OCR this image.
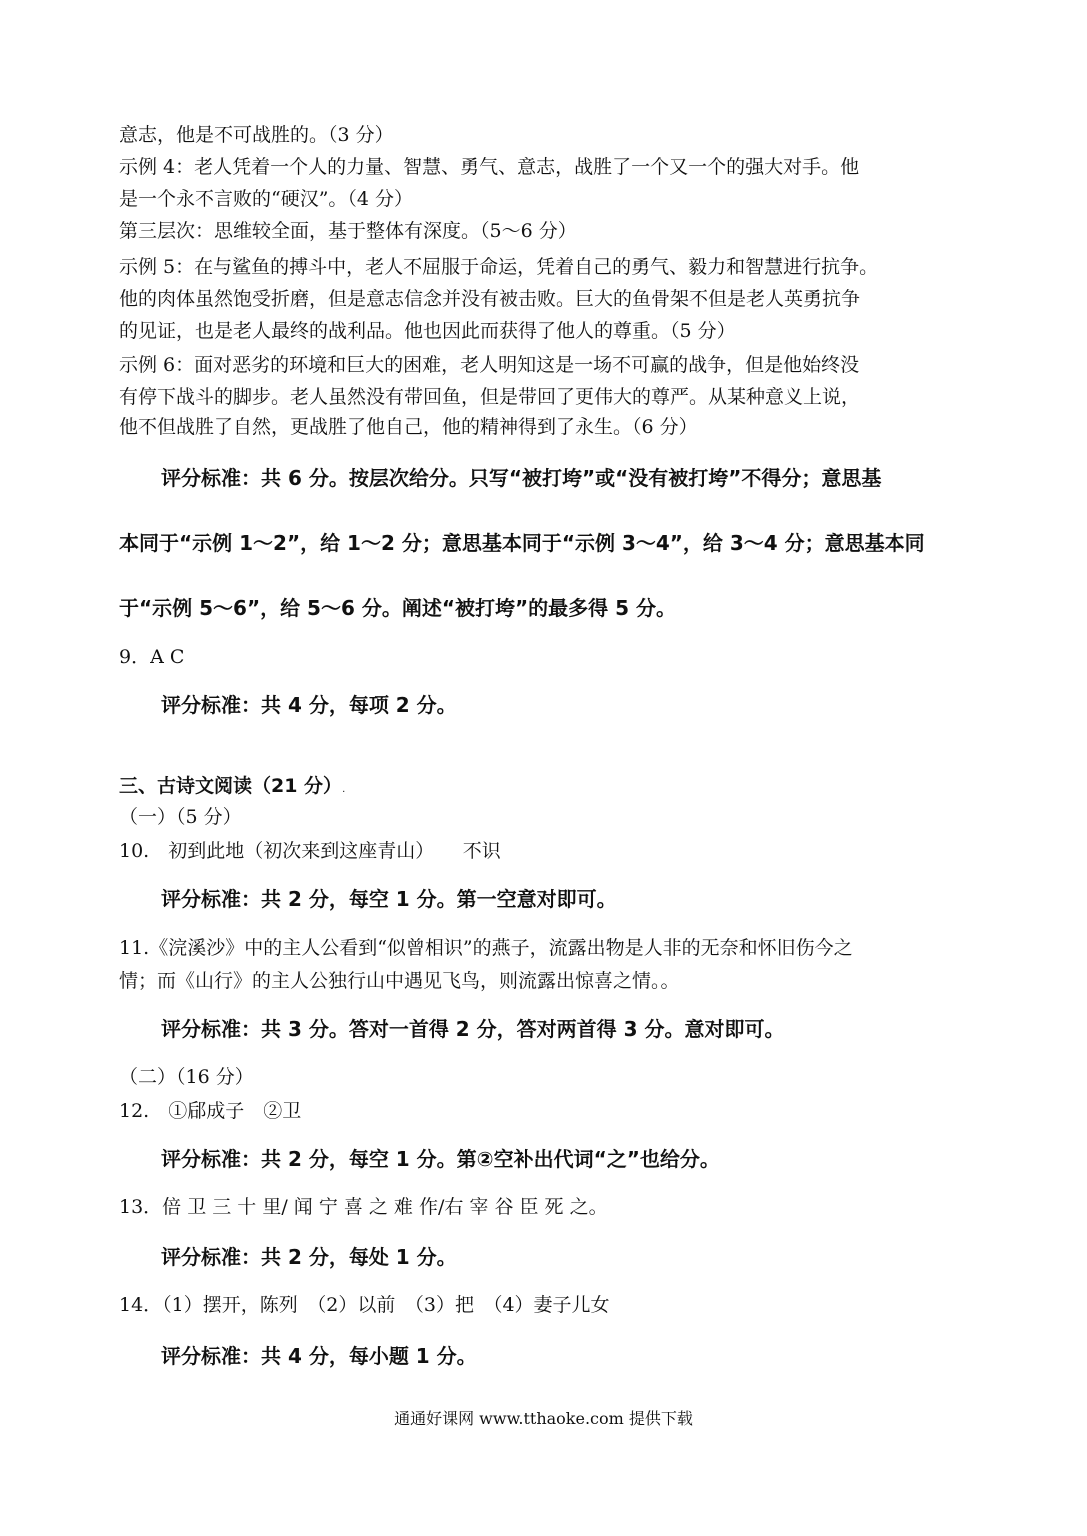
意志，他是不可战胜的。（3 分）
示例 4：老人凭着一个人的力量、智慧、勇气、意志，战胜了一个又一个的强大对手。他
是一个永不言败的“硬汉”。（4 分）
第三层次：思维较全面，基于整体有深度。（5～6 分）
示例 5：在与鲨鱼的搏斗中，老人不屈服于命运，凭着自己的勇气、毅力和智慧进行抗争。
他的肉体虽然饱受折磨，但是意志信念并没有被击败。巨大的鱼骨架不但是老人英勇抗争
的见证，也是老人最终的战利品。他也因此而获得了他人的尊重。（5 分）
示例 6：面对恶劣的环境和巨大的困难，老人明知这是一场不可赢的战争，但是他始终没
有停下战斗的脚步。老人虽然没有带回鱼，但是带回了更伟大的尊严。从某种意义上说，
他不但战胜了自然，更战胜了他自己，他的精神得到了永生。（6 分）
评分标准：共 6 分。按层次给分。只写“被打垮”或“没有被打垮”不得分；意思基
本同于“示例 1～2”，给 1～2 分；意思基本同于“示例 3～4”，给 3～4 分；意思基本同
于“示例 5～6”，给 5～6 分。阐述“被打垮”的最多得 5 分。
9．A C
评分标准：共 4 分，每项 2 分。
三、古诗文阅读（21 分）.
（一）（5 分）
10.　初到此地（初次来到这座青山）　　不识
评分标准：共 2 分，每空 1 分。第一空意对即可。
11.《浣溪沙》中的主人公看到“似曾相识”的燕子，流露出物是人非的无奈和怀旧伤今之
情；而《山行》的主人公独行山中遇见飞鸟，则流露出惊喜之情。。
评分标准：共 3 分。答对一首得 2 分，答对两首得 3 分。意对即可。
（二）（16 分）
12.　①郈成子　②卫
评分标准：共 2 分，每空 1 分。第②空补出代词“之”也给分。
13．倍 卫 三 十 里/ 闻 宁 喜 之 难 作/右 宰 谷 臣 死 之。
评分标准：共 2 分，每处 1 分。
14．（1）摆开，陈列　（2）以前　（3）把　（4）妻子儿女
评分标准：共 4 分，每小题 1 分。
通通好课网 www.tthaoke.com 提供下载
